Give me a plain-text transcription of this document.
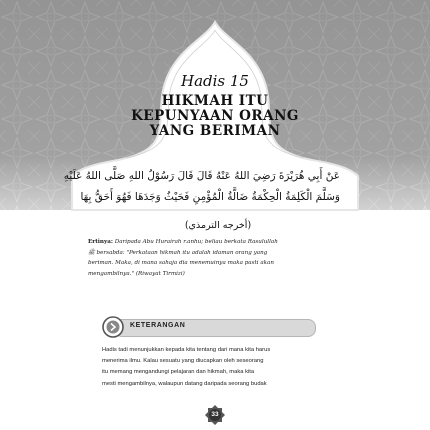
Hadis 15
HIKMAH ITU
KEPUNYAAN ORANG
YANG BERIMAN
عَنْ أَبِي هُرَيْرَةَ رَضِيَ اللهُ عَنْهُ قَالَ قَالَ رَسُوْلُ اللهِ صَلَّى اللهُ عَلَيْهِ
وَسَلَّمَ الْكَلِمَةُ الْحِكْمَةُ ضَالَّةُ الْمُؤْمِنِ فَحَيْثُ وَجَدَهَا فَهُوَ أَحَقُّ بِهَا
(أخرجه الترمذي)
Ertinya: Daripada Abu Hurairah r.anhu; beliau berkata Rasulullah
ﷺ bersabda: "Perkataan hikmah itu adalah idaman orang yang
beriman. Maka, di mana sahaja dia menemuinya maka pasti akan
mengambilnya." (Riwayat Tirmizi)
KETERANGAN
Hadis tadi menunjukkan kepada kita tentang dari mana kita harus
menerima ilmu. Kalau sesuatu yang diucapkan oleh seseorang
itu memang mengandungi pelajaran dan hikmah, maka kita
mesti mengambilnya, walaupun datang daripada seorang budak
33
